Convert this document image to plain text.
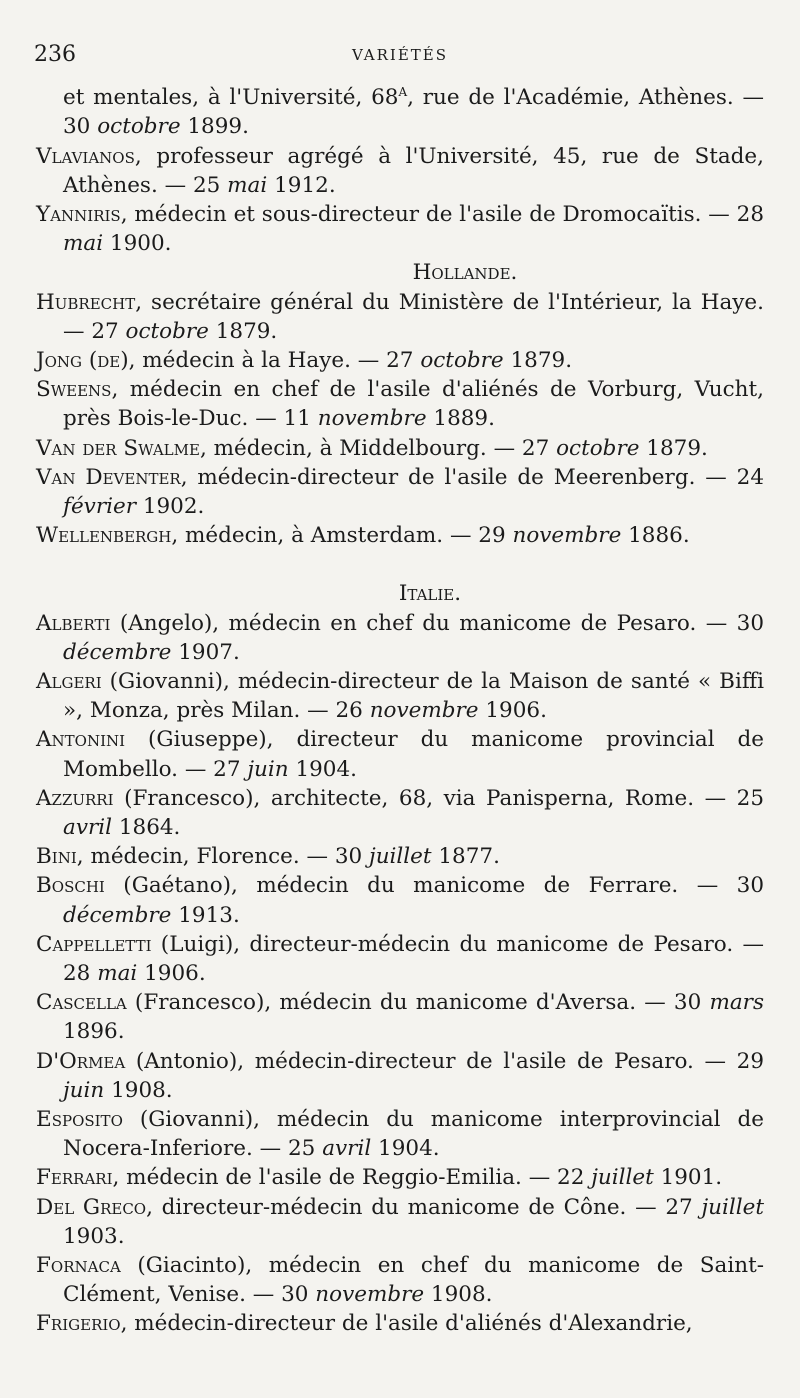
236	VARIÉTÉS

et mentales, à l'Université, $68^A$, rue de l'Académie, Athènes. — 30 octobre 1899.

Vlavianos, professeur agrégé à l'Université, 45, rue de Stade, Athènes. — 25 mai 1912.

Yanniris, médecin et sous-directeur de l'asile de Dromocaïtis. — 28 mai 1900.

Hollande.

Hubrecht, secrétaire général du Ministère de l'Intérieur, la Haye. — 27 octobre 1879.

Jong (de), médecin à la Haye. — 27 octobre 1879.

Sweens, médecin en chef de l'asile d'aliénés de Vorburg, Vucht, près Bois-le-Duc. — 11 novembre 1889.

Van der Swalme, médecin, à Middelbourg. — 27 octobre 1879.

Van Deventer, médecin-directeur de l'asile de Meerenberg. — 24 février 1902.

Wellenbergh, médecin, à Amsterdam. — 29 novembre 1886.

Italie.

Alberti (Angelo), médecin en chef du manicome de Pesaro. — 30 décembre 1907.

Algeri (Giovanni), médecin-directeur de la Maison de santé « Biffi », Monza, près Milan. — 26 novembre 1906.

Antonini (Giuseppe), directeur du manicome provincial de Mombello. — 27 juin 1904.

Azzurri (Francesco), architecte, 68, via Panisperna, Rome. — 25 avril 1864.

Bini, médecin, Florence. — 30 juillet 1877.

Boschi (Gaétano), médecin du manicome de Ferrare. — 30 décembre 1913.

Cappelletti (Luigi), directeur-médecin du manicome de Pesaro. — 28 mai 1906.

Cascella (Francesco), médecin du manicome d'Aversa. — 30 mars 1896.

D'Ormea (Antonio), médecin-directeur de l'asile de Pesaro. — 29 juin 1908.

Esposito (Giovanni), médecin du manicome interprovincial de Nocera-Inferiore. — 25 avril 1904.

Ferrari, médecin de l'asile de Reggio-Emilia. — 22 juillet 1901.

Del Greco, directeur-médecin du manicome de Cône. — 27 juillet 1903.

Fornaca (Giacinto), médecin en chef du manicome de Saint-Clément, Venise. — 30 novembre 1908.

Frigerio, médecin-directeur de l'asile d'aliénés d'Alexandrie,
